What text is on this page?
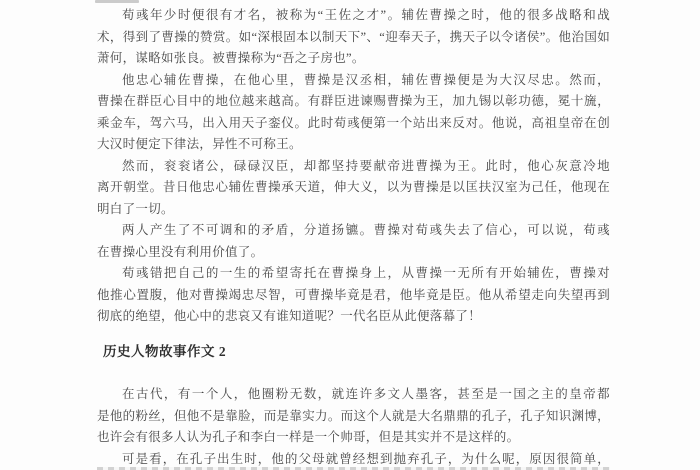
荀彧年少时便很有才名，被称为“王佐之才”。辅佐曹操之时，他的很多战略和战
术，得到了曹操的赞赏。如“深根固本以制天下”、“迎奉天子，携天子以令诸侯”。他治国如
萧何，谋略如张良。被曹操称为“吾之子房也”。
他忠心辅佐曹操，在他心里，曹操是汉丞相，辅佐曹操便是为大汉尽忠。然而，
曹操在群臣心目中的地位越来越高。有群臣进谏赐曹操为王，加九锡以彰功德，冕十旒，
乘金车，驾六马，出入用天子銮仪。此时荀彧便第一个站出来反对。他说，高祖皇帝在创
大汉时便定下律法，异性不可称王。
然而，衮衮诸公，碌碌汉臣，却都坚持要献帝进曹操为王。此时，他心灰意冷地
离开朝堂。昔日他忠心辅佐曹操承天道，伸大义，以为曹操是以匡扶汉室为己任，他现在
明白了一切。
两人产生了不可调和的矛盾，分道扬镳。曹操对荀彧失去了信心，可以说，荀彧
在曹操心里没有利用价值了。
荀彧错把自己的一生的希望寄托在曹操身上，从曹操一无所有开始辅佐，曹操对
他推心置腹，他对曹操竭忠尽智，可曹操毕竟是君，他毕竟是臣。他从希望走向失望再到
彻底的绝望，他心中的悲哀又有谁知道呢？一代名臣从此便落幕了！
历史人物故事作文 2
在古代，有一个人，他圈粉无数，就连许多文人墨客，甚至是一国之主的皇帝都
是他的粉丝，但他不是靠脸，而是靠实力。而这个人就是大名鼎鼎的孔子，孔子知识渊博，
也许会有很多人认为孔子和李白一样是一个帅哥，但是其实并不是这样的。
可是看，在孔子出生时，他的父母就曾经想到抛弃孔子，为什么呢，原因很简单，
